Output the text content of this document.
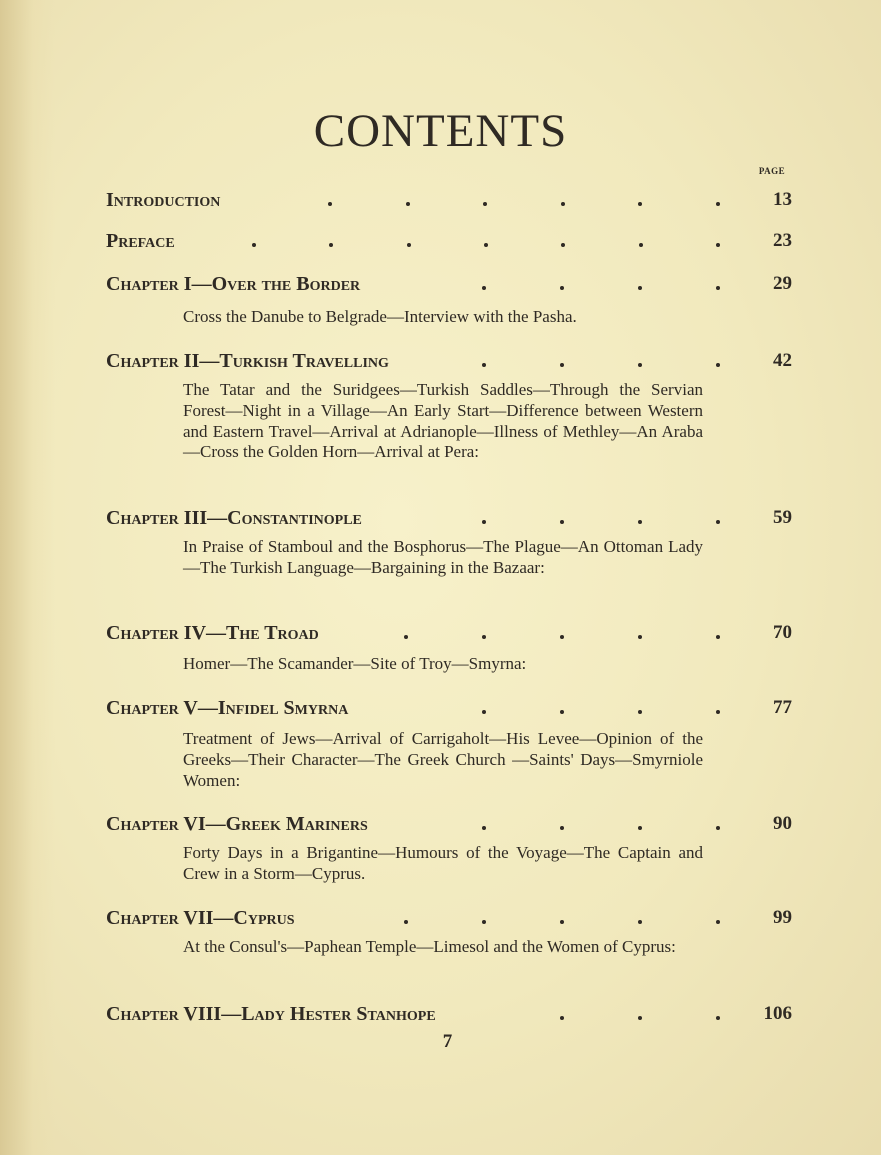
CONTENTS
PAGE
Introduction	13
Preface	23
Chapter I—Over the Border	29
Cross the Danube to Belgrade—Interview with the Pasha.
Chapter II—Turkish Travelling	42
The Tatar and the Suridgees—Turkish Saddles—Through the Servian Forest—Night in a Village—An Early Start—Difference between Western and Eastern Travel—Arrival at Adrianople—Illness of Methley—An Araba—Cross the Golden Horn—Arrival at Pera:
Chapter III—Constantinople	59
In Praise of Stamboul and the Bosphorus—The Plague—An Ottoman Lady—The Turkish Language—Bargaining in the Bazaar:
Chapter IV—The Troad	70
Homer—The Scamander—Site of Troy—Smyrna:
Chapter V—Infidel Smyrna	77
Treatment of Jews—Arrival of Carrigaholt—His Levee—Opinion of the Greeks—Their Character—The Greek Church —Saints' Days—Smyrniole Women:
Chapter VI—Greek Mariners	90
Forty Days in a Brigantine—Humours of the Voyage—The Captain and Crew in a Storm—Cyprus.
Chapter VII—Cyprus	99
At the Consul's—Paphean Temple—Limesol and the Women of Cyprus:
Chapter VIII—Lady Hester Stanhope	106
7
